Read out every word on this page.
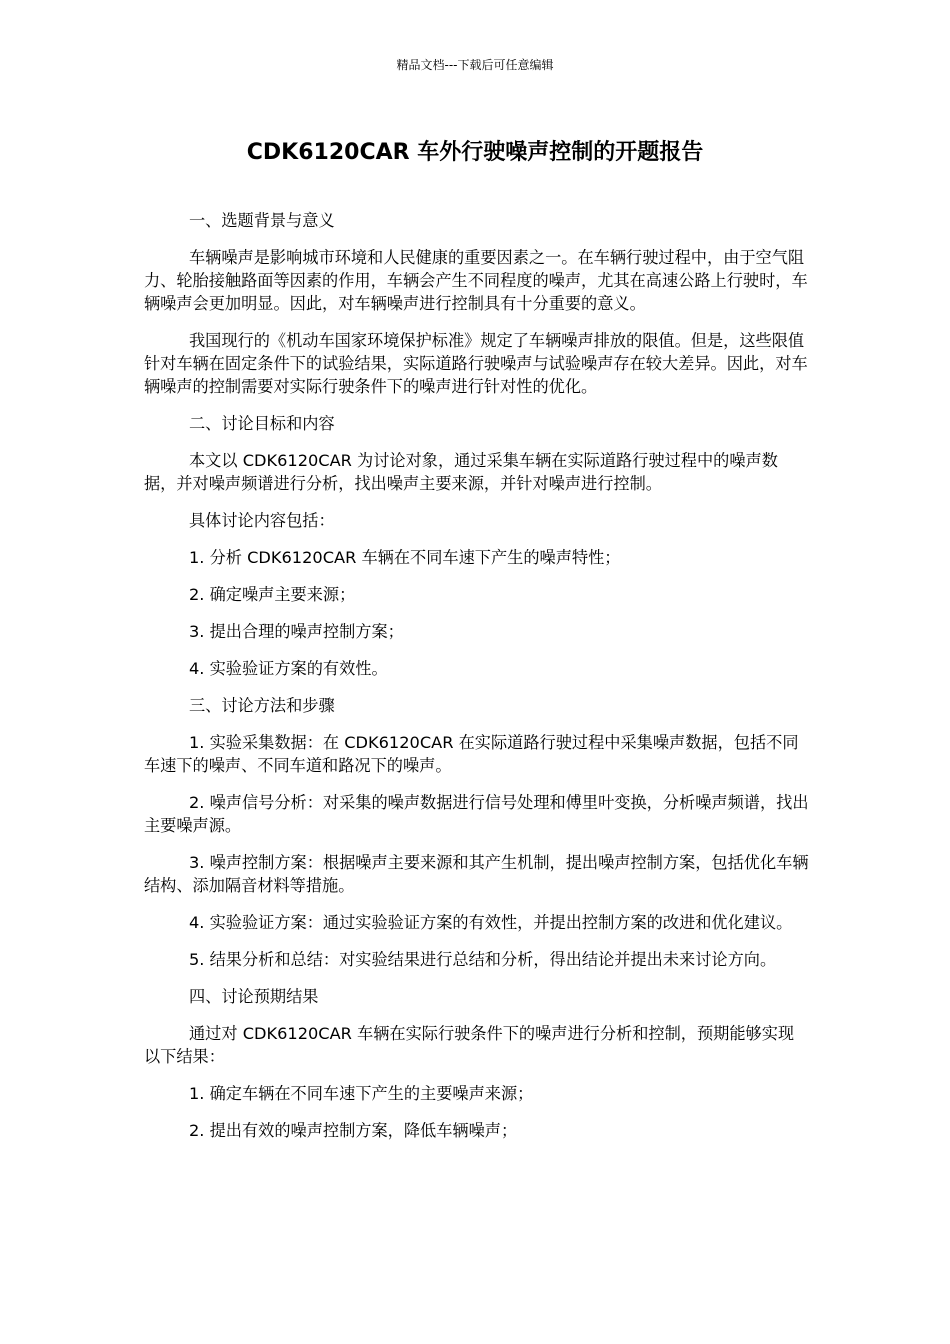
精品文档---下载后可任意编辑
CDK6120CAR 车外行驶噪声控制的开题报告

一、选题背景与意义

车辆噪声是影响城市环境和人民健康的重要因素之一。在车辆行驶过程中，由于空气阻力、轮胎接触路面等因素的作用，车辆会产生不同程度的噪声，尤其在高速公路上行驶时，车辆噪声会更加明显。因此，对车辆噪声进行控制具有十分重要的意义。

我国现行的《机动车国家环境保护标准》规定了车辆噪声排放的限值。但是，这些限值针对车辆在固定条件下的试验结果，实际道路行驶噪声与试验噪声存在较大差异。因此，对车辆噪声的控制需要对实际行驶条件下的噪声进行针对性的优化。

二、讨论目标和内容

本文以 CDK6120CAR 为讨论对象，通过采集车辆在实际道路行驶过程中的噪声数据，并对噪声频谱进行分析，找出噪声主要来源，并针对噪声进行控制。

具体讨论内容包括：

1. 分析 CDK6120CAR 车辆在不同车速下产生的噪声特性；

2. 确定噪声主要来源；

3. 提出合理的噪声控制方案；

4. 实验验证方案的有效性。

三、讨论方法和步骤

1. 实验采集数据：在 CDK6120CAR 在实际道路行驶过程中采集噪声数据，包括不同车速下的噪声、不同车道和路况下的噪声。

2. 噪声信号分析：对采集的噪声数据进行信号处理和傅里叶变换，分析噪声频谱，找出主要噪声源。

3. 噪声控制方案：根据噪声主要来源和其产生机制，提出噪声控制方案，包括优化车辆结构、添加隔音材料等措施。

4. 实验验证方案：通过实验验证方案的有效性，并提出控制方案的改进和优化建议。

5. 结果分析和总结：对实验结果进行总结和分析，得出结论并提出未来讨论方向。

四、讨论预期结果

通过对 CDK6120CAR 车辆在实际行驶条件下的噪声进行分析和控制，预期能够实现以下结果：

1. 确定车辆在不同车速下产生的主要噪声来源；

2. 提出有效的噪声控制方案，降低车辆噪声；
